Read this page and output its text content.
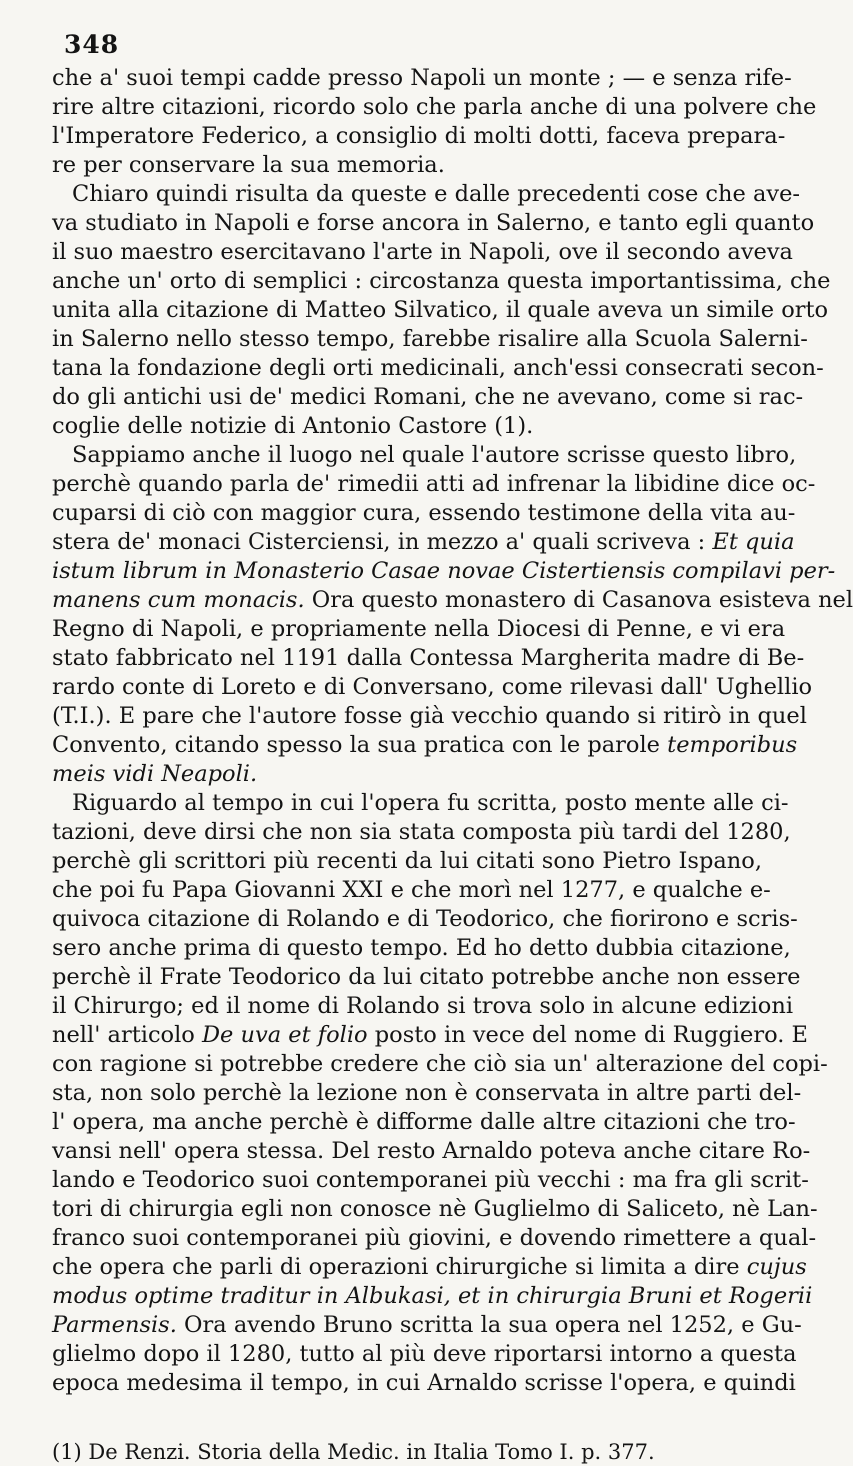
348
che a' suoi tempi cadde presso Napoli un monte ; — e senza rife-
rire altre citazioni, ricordo solo che parla anche di una polvere che
l'Imperatore Federico, a consiglio di molti dotti, faceva prepara-
re per conservare la sua memoria.
Chiaro quindi risulta da queste e dalle precedenti cose che ave-
va studiato in Napoli e forse ancora in Salerno, e tanto egli quanto
il suo maestro esercitavano l'arte in Napoli, ove il secondo aveva
anche un' orto di semplici : circostanza questa importantissima, che
unita alla citazione di Matteo Silvatico, il quale aveva un simile orto
in Salerno nello stesso tempo, farebbe risalire alla Scuola Salerni-
tana la fondazione degli orti medicinali, anch'essi consecrati secon-
do gli antichi usi de' medici Romani, che ne avevano, come si rac-
coglie delle notizie di Antonio Castore (1).
Sappiamo anche il luogo nel quale l'autore scrisse questo libro,
perchè quando parla de' rimedii atti ad infrenar la libidine dice oc-
cuparsi di ciò con maggior cura, essendo testimone della vita au-
stera de' monaci Cisterciensi, in mezzo a' quali scriveva : Et quia
istum librum in Monasterio Casae novae Cistertiensis compilavi per-
manens cum monacis. Ora questo monastero di Casanova esisteva nel
Regno di Napoli, e propriamente nella Diocesi di Penne, e vi era
stato fabbricato nel 1191 dalla Contessa Margherita madre di Be-
rardo conte di Loreto e di Conversano, come rilevasi dall' Ughellio
(T.I.). E pare che l'autore fosse già vecchio quando si ritirò in quel
Convento, citando spesso la sua pratica con le parole temporibus
meis vidi Neapoli.
Riguardo al tempo in cui l'opera fu scritta, posto mente alle ci-
tazioni, deve dirsi che non sia stata composta più tardi del 1280,
perchè gli scrittori più recenti da lui citati sono Pietro Ispano,
che poi fu Papa Giovanni XXI e che morì nel 1277, e qualche e-
quivoca citazione di Rolando e di Teodorico, che fiorirono e scris-
sero anche prima di questo tempo. Ed ho detto dubbia citazione,
perchè il Frate Teodorico da lui citato potrebbe anche non essere
il Chirurgo; ed il nome di Rolando si trova solo in alcune edizioni
nell' articolo De uva et folio posto in vece del nome di Ruggiero. E
con ragione si potrebbe credere che ciò sia un' alterazione del copi-
sta, non solo perchè la lezione non è conservata in altre parti del-
l' opera, ma anche perchè è difforme dalle altre citazioni che tro-
vansi nell' opera stessa. Del resto Arnaldo poteva anche citare Ro-
lando e Teodorico suoi contemporanei più vecchi : ma fra gli scrit-
tori di chirurgia egli non conosce nè Guglielmo di Saliceto, nè Lan-
franco suoi contemporanei più giovini, e dovendo rimettere a qual-
che opera che parli di operazioni chirurgiche si limita a dire cujus
modus optime traditur in Albukasi, et in chirurgia Bruni et Rogerii
Parmensis. Ora avendo Bruno scritta la sua opera nel 1252, e Gu-
glielmo dopo il 1280, tutto al più deve riportarsi intorno a questa
epoca medesima il tempo, in cui Arnaldo scrisse l'opera, e quindi
(1) De Renzi. Storia della Medic. in Italia Tomo I. p. 377.
